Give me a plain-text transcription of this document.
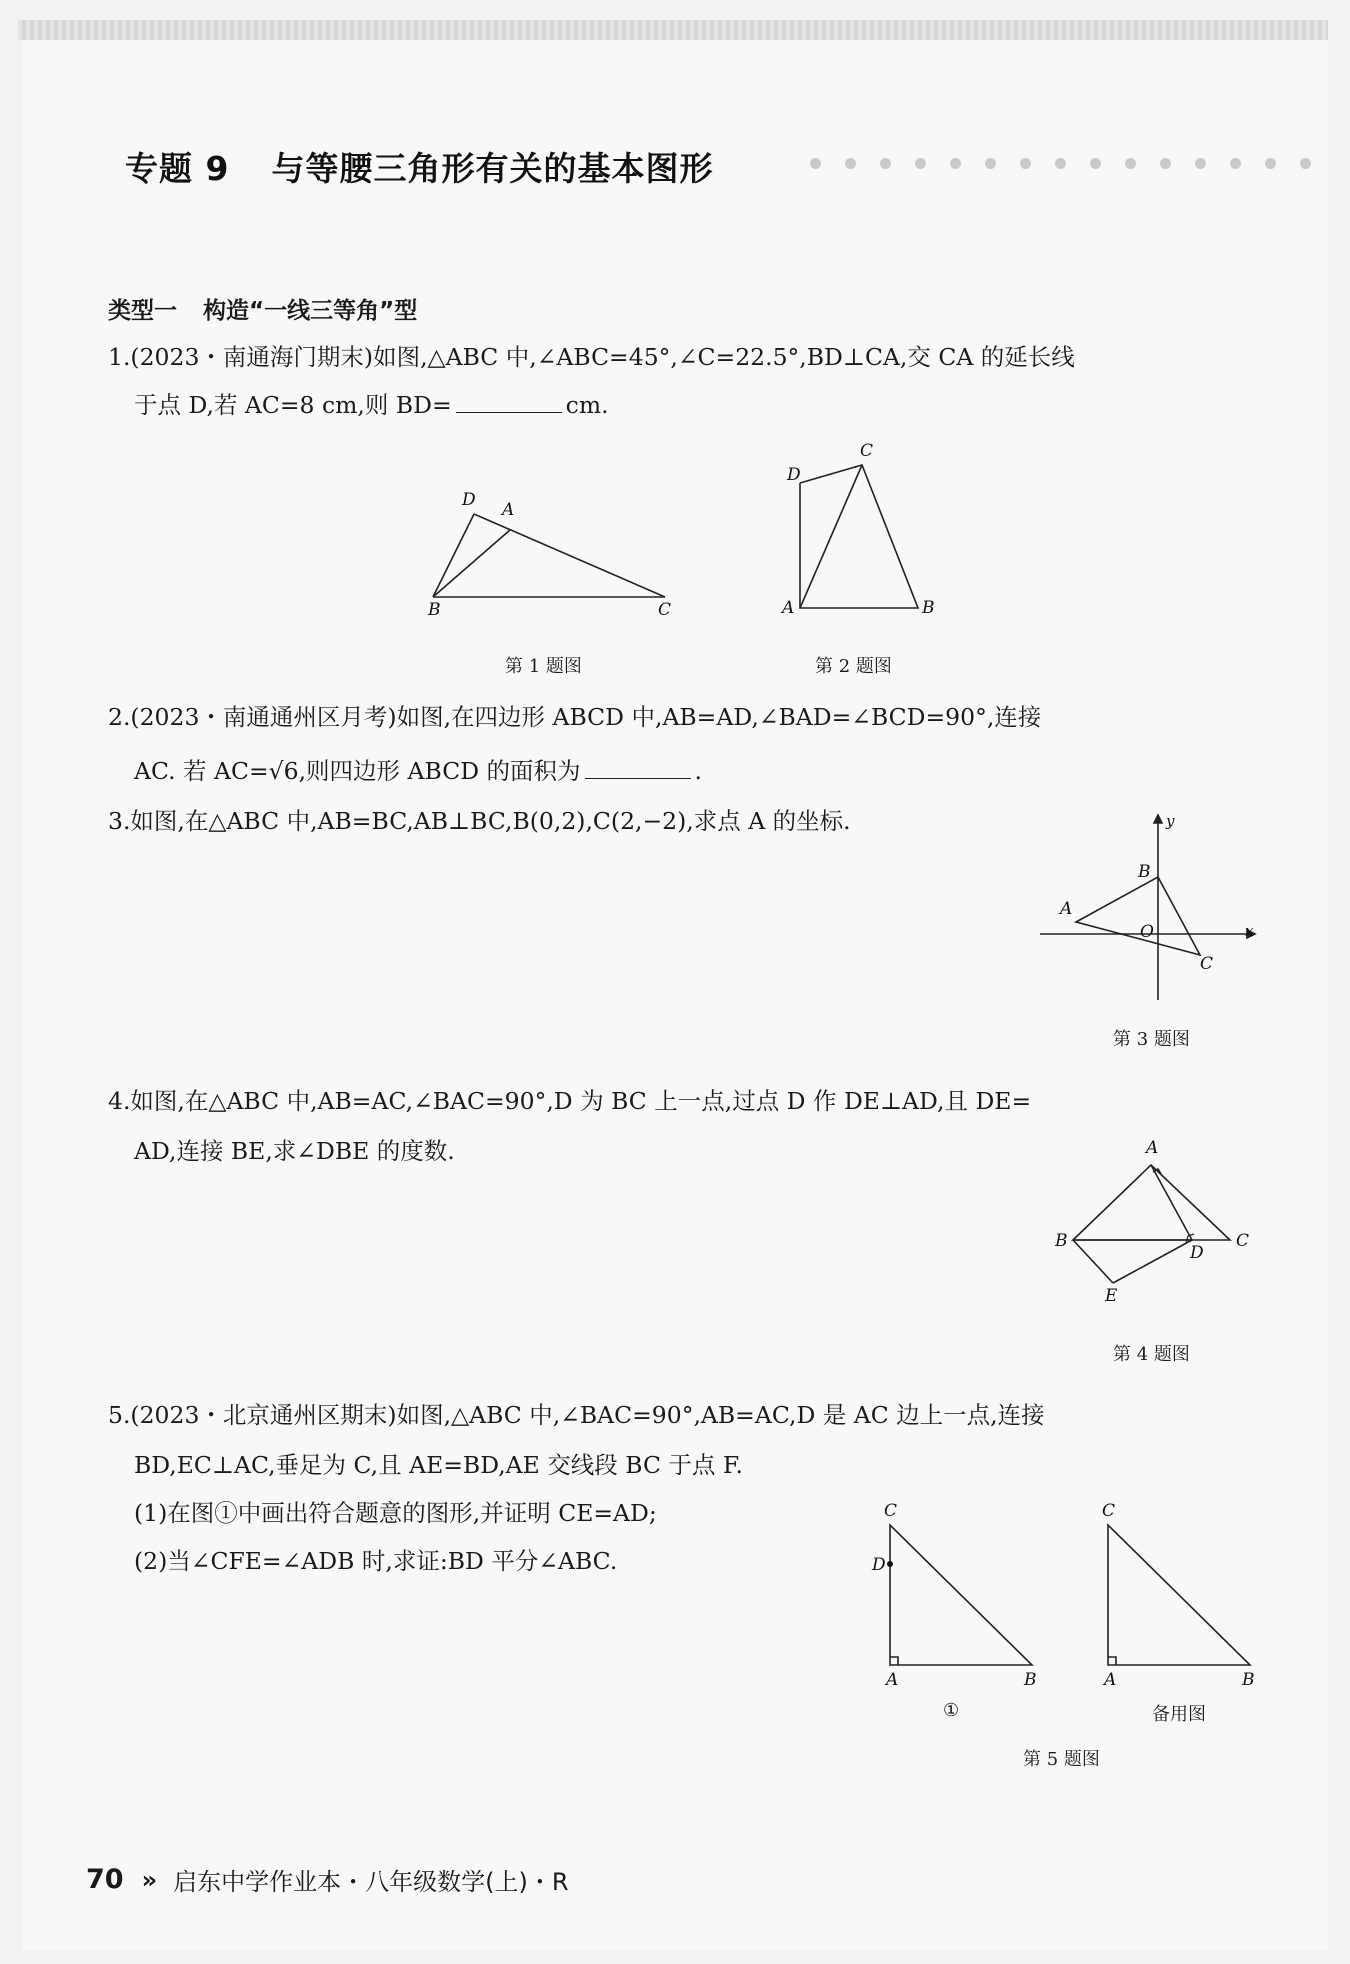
专题 9 与等腰三角形有关的基本图形
类型一 构造“一线三等角”型
1.(2023・南通海门期末)如图,△ABC 中,∠ABC=45°,∠C=22.5°,BD⊥CA,交 CA 的延长线
于点 D,若 AC=8 cm,则 BD=	cm.
D A
B	C
第 1 题图
C
D
A	B
第 2 题图
2.(2023・南通通州区月考)如图,在四边形 ABCD 中,AB=AD,∠BAD=∠BCD=90°,连接
AC. 若 AC=√6,则四边形 ABCD 的面积为	.
3.如图,在△ABC 中,AB=BC,AB⊥BC,B(0,2),C(2,−2),求点 A 的坐标.	y
B
A
O	x
C
第 3 题图
4.如图,在△ABC 中,AB=AC,∠BAC=90°,D 为 BC 上一点,过点 D 作 DE⊥AD,且 DE=
AD,连接 BE,求∠DBE 的度数.	A
B
D
C
E
第 4 题图
5.(2023・北京通州区期末)如图,△ABC 中,∠BAC=90°,AB=AC,D 是 AC 边上一点,连接
BD,EC⊥AC,垂足为 C,且 AE=BD,AE 交线段 BC 于点 F.
(1)在图①中画出符合题意的图形,并证明 CE=AD;
(2)当∠CFE=∠ADB 时,求证:BD 平分∠ABC.
C
D
A	B
①
C
A	B
备用图
第 5 题图
70 » 启东中学作业本・八年级数学(上)・R
